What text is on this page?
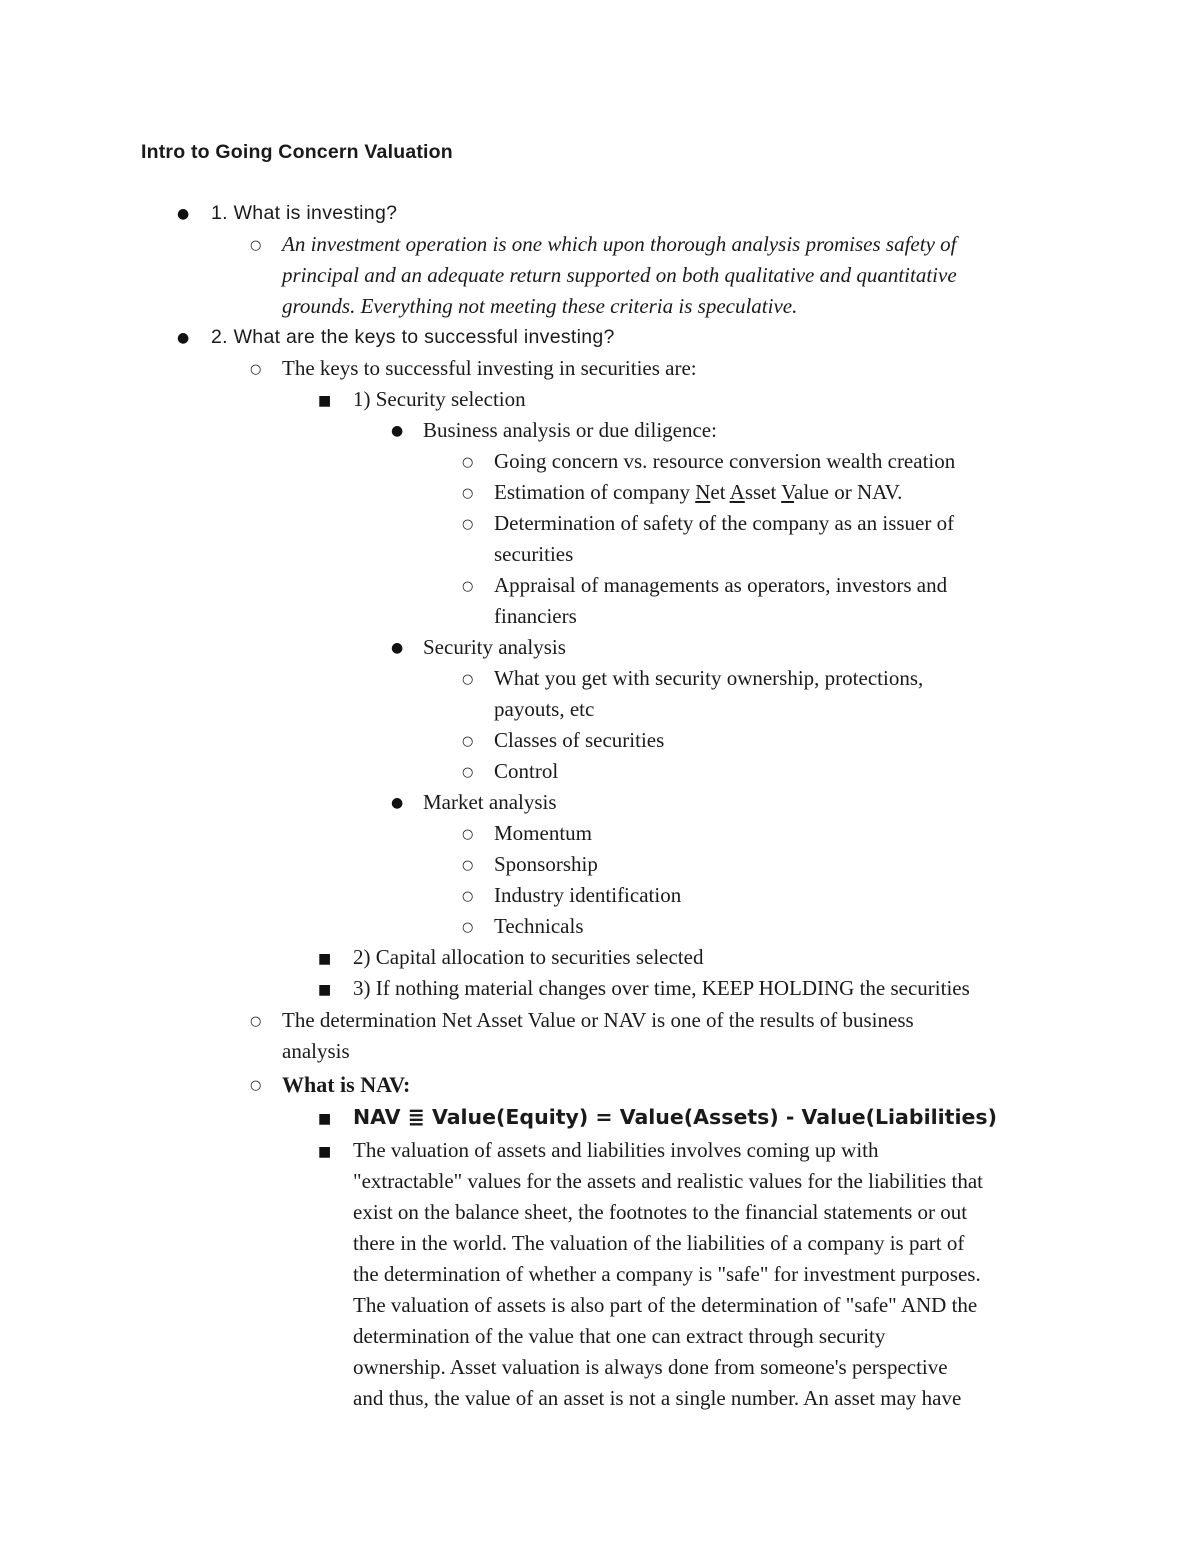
Intro to Going Concern Valuation
● 1. What is investing?
○ An investment operation is one which upon thorough analysis promises safety of
principal and an adequate return supported on both qualitative and quantitative
grounds. Everything not meeting these criteria is speculative.
● 2. What are the keys to successful investing?
○ The keys to successful investing in securities are:
■ 1) Security selection
● Business analysis or due diligence:
○ Going concern vs. resource conversion wealth creation
○ Estimation of company Net Asset Value or NAV.
○ Determination of safety of the company as an issuer of
securities
○ Appraisal of managements as operators, investors and
financiers
● Security analysis
○ What you get with security ownership, protections,
payouts, etc
○ Classes of securities
○ Control
● Market analysis
○ Momentum
○ Sponsorship
○ Industry identification
○ Technicals
■ 2) Capital allocation to securities selected
■ 3) If nothing material changes over time, KEEP HOLDING the securities
○ The determination Net Asset Value or NAV is one of the results of business
analysis
○ What is NAV:
■ NAV ≣ Value(Equity) = Value(Assets) - Value(Liabilities)
■ The valuation of assets and liabilities involves coming up with
"extractable" values for the assets and realistic values for the liabilities that
exist on the balance sheet, the footnotes to the financial statements or out
there in the world. The valuation of the liabilities of a company is part of
the determination of whether a company is "safe" for investment purposes.
The valuation of assets is also part of the determination of "safe" AND the
determination of the value that one can extract through security
ownership. Asset valuation is always done from someone's perspective
and thus, the value of an asset is not a single number. An asset may have
